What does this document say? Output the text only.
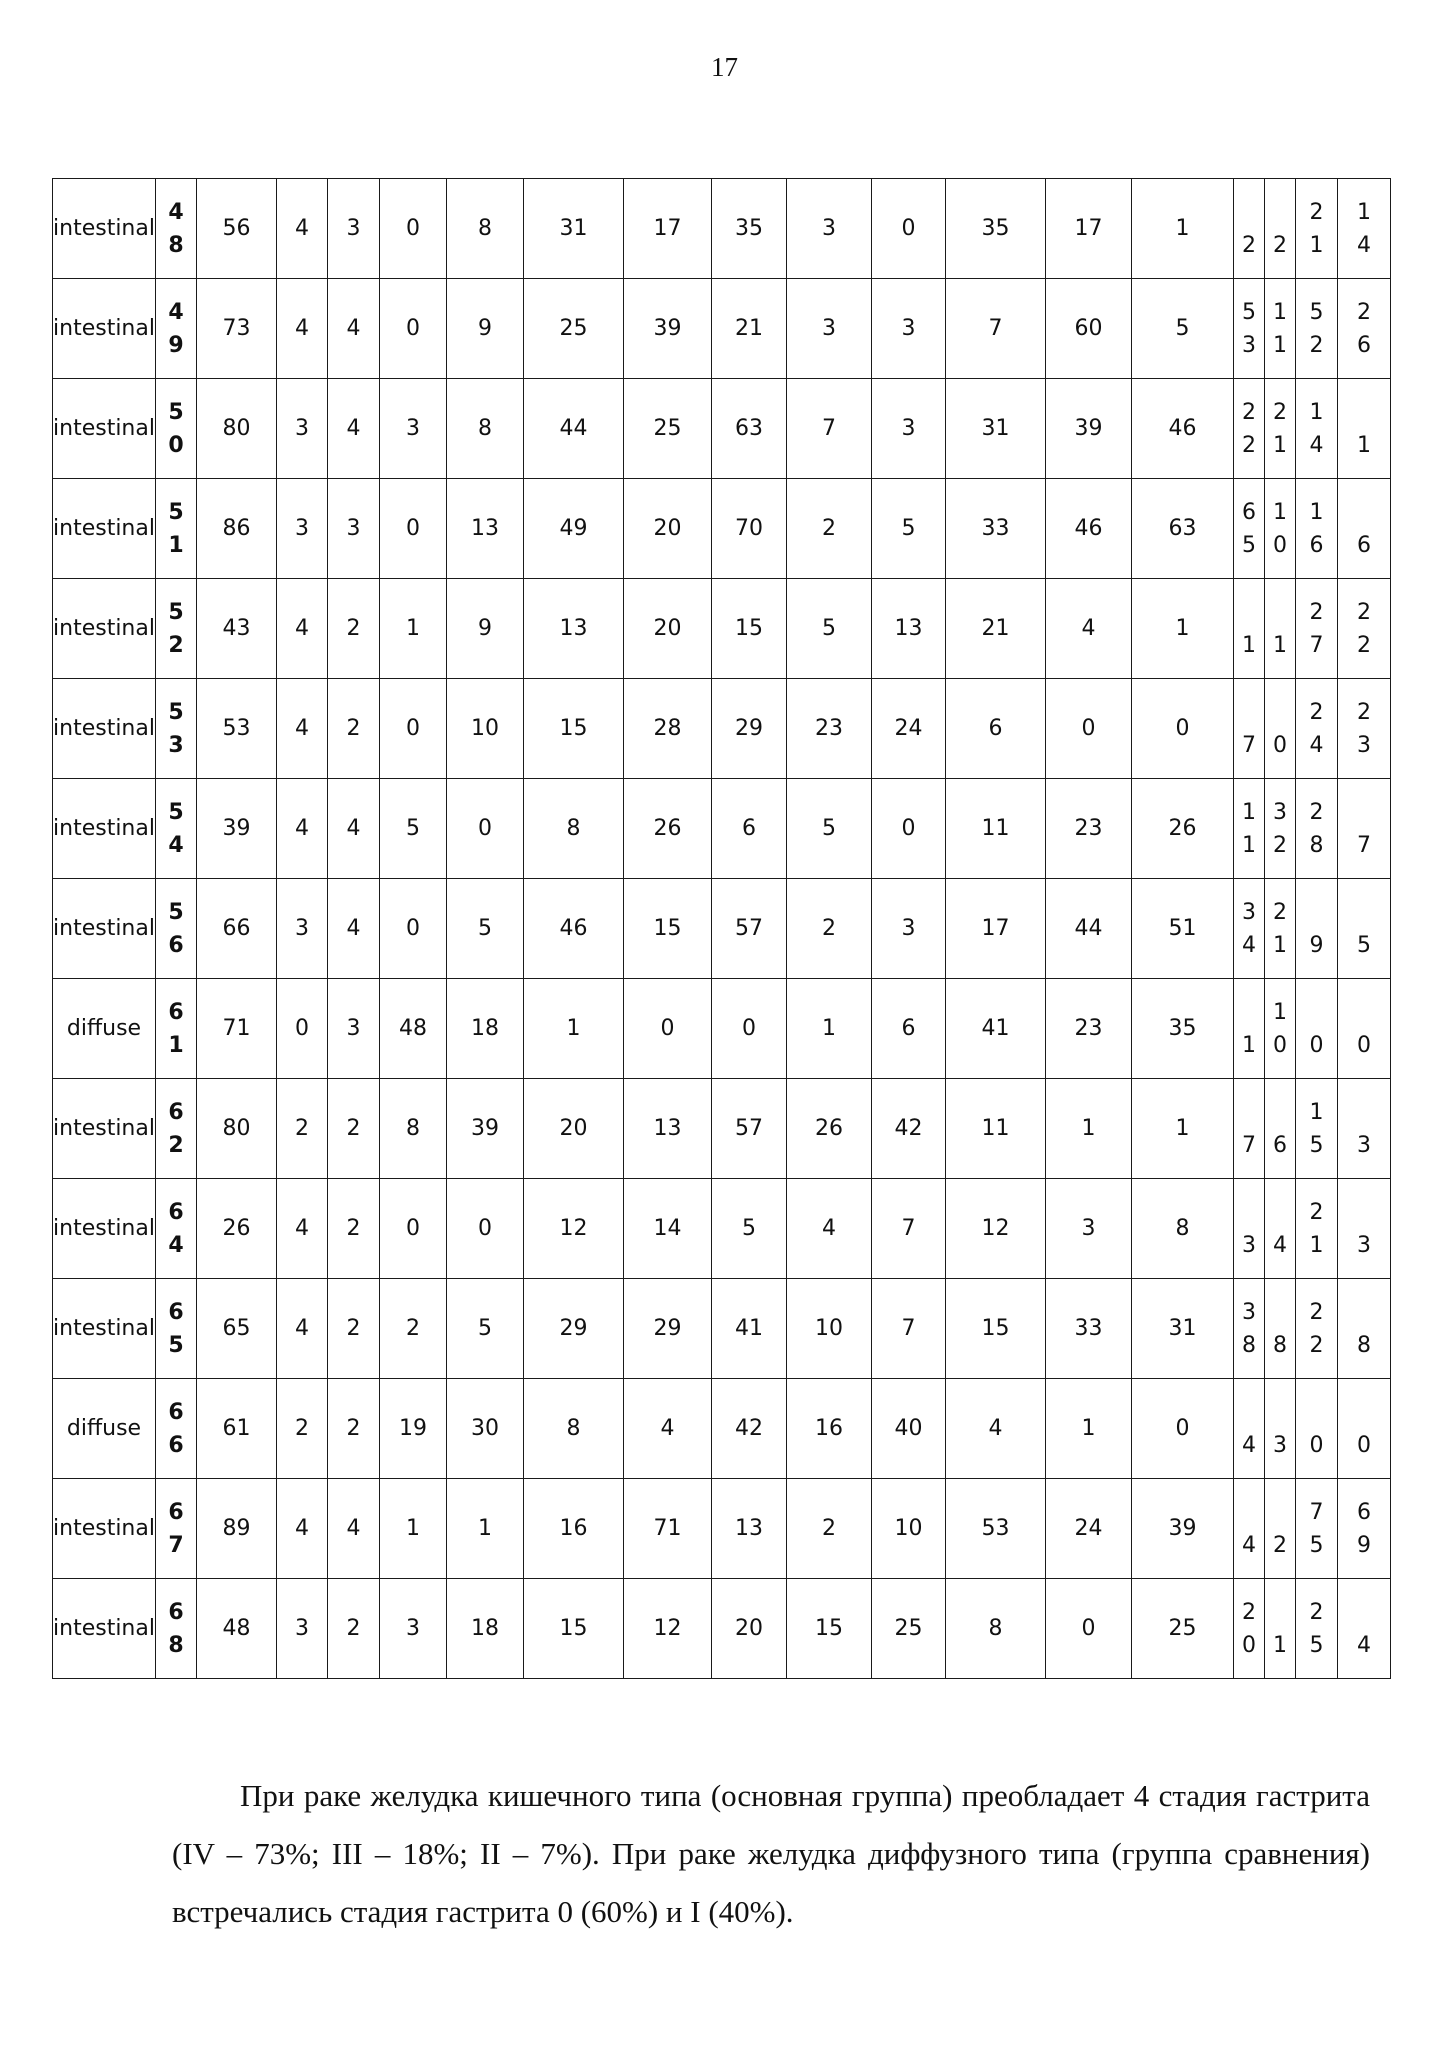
17
intestinal	48	56	4	3	0	8	31	17	35	3	0	35	17	1	2	2	21	14
intestinal	49	73	4	4	0	9	25	39	21	3	3	7	60	5	53	11	52	26
intestinal	50	80	3	4	3	8	44	25	63	7	3	31	39	46	22	21	14	1
intestinal	51	86	3	3	0	13	49	20	70	2	5	33	46	63	65	10	16	6
intestinal	52	43	4	2	1	9	13	20	15	5	13	21	4	1	1	1	27	22
intestinal	53	53	4	2	0	10	15	28	29	23	24	6	0	0	7	0	24	23
intestinal	54	39	4	4	5	0	8	26	6	5	0	11	23	26	11	32	28	7
intestinal	56	66	3	4	0	5	46	15	57	2	3	17	44	51	34	21	9	5
diffuse	61	71	0	3	48	18	1	0	0	1	6	41	23	35	1	10	0	0
intestinal	62	80	2	2	8	39	20	13	57	26	42	11	1	1	7	6	15	3
intestinal	64	26	4	2	0	0	12	14	5	4	7	12	3	8	3	4	21	3
intestinal	65	65	4	2	2	5	29	29	41	10	7	15	33	31	38	8	22	8
diffuse	66	61	2	2	19	30	8	4	42	16	40	4	1	0	4	3	0	0
intestinal	67	89	4	4	1	1	16	71	13	2	10	53	24	39	4	2	75	69
intestinal	68	48	3	2	3	18	15	12	20	15	25	8	0	25	20	1	25	4

При раке желудка кишечного типа (основная группа) преобладает 4 стадия гастрита (IV – 73%; III – 18%; II – 7%). При раке желудка диффузного типа (группа сравнения) встречались стадия гастрита 0 (60%) и I (40%).
